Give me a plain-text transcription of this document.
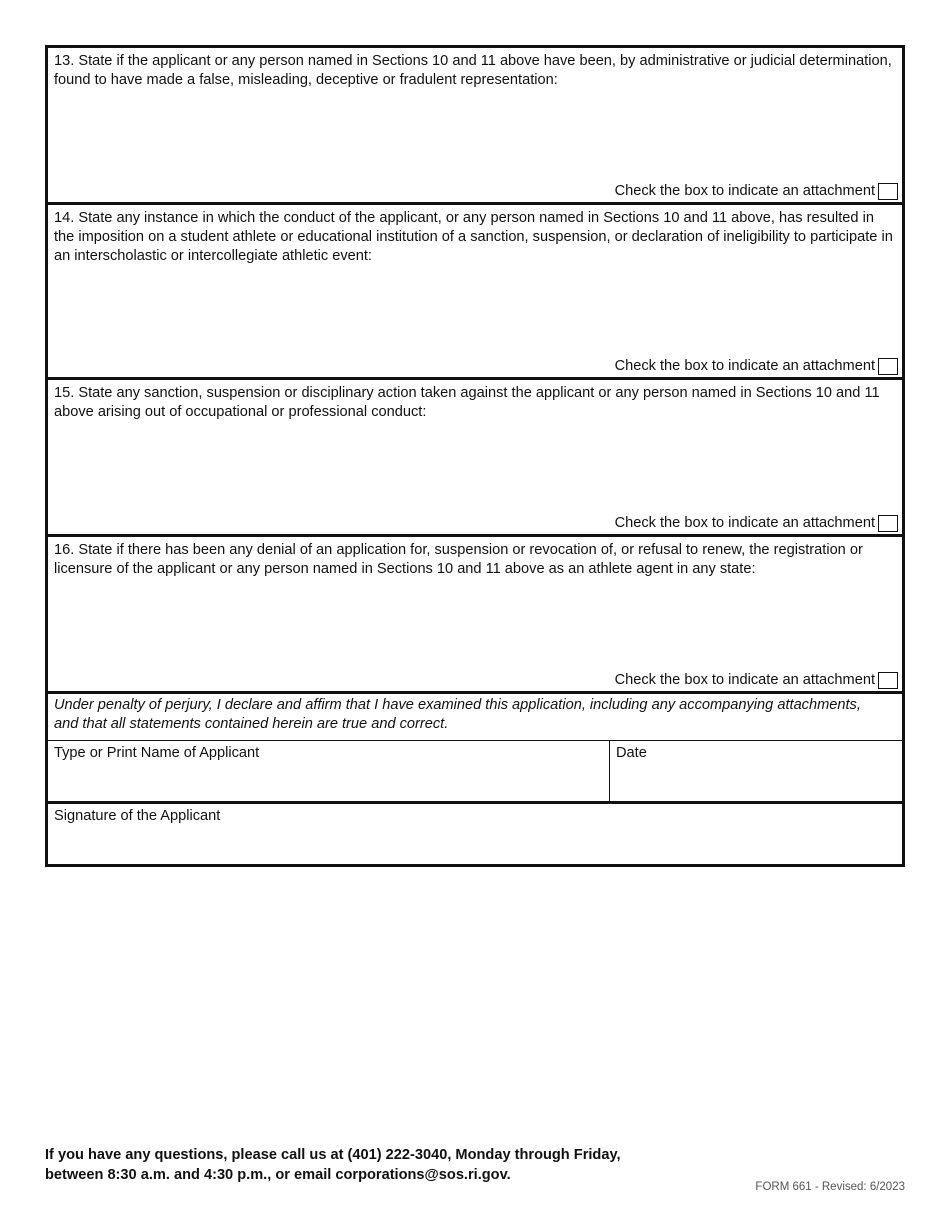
13. State if the applicant or any person named in Sections 10 and 11 above have been, by administrative or judicial determination, found to have made a false, misleading, deceptive or fradulent representation:
Check the box to indicate an attachment
14. State any instance in which the conduct of the applicant, or any person named in Sections 10 and 11 above, has resulted in the imposition on a student athlete or educational institution of a sanction, suspension, or declaration of ineligibility to participate in an interscholastic or intercollegiate athletic event:
Check the box to indicate an attachment
15. State any sanction, suspension or disciplinary action taken against the applicant or any person named in Sections 10 and 11 above arising out of occupational or professional conduct:
Check the box to indicate an attachment
16. State if there has been any denial of an application for, suspension or revocation of, or refusal to renew, the registration or licensure of the applicant or any person named in Sections 10 and 11 above as an athlete agent in any state:
Check the box to indicate an attachment
Under penalty of perjury, I declare and affirm that I have examined this application, including any accompanying attachments, and that all statements contained herein are true and correct.
Type or Print Name of Applicant	Date
Signature of the Applicant
If you have any questions, please call us at (401) 222-3040, Monday through Friday,
between 8:30 a.m. and 4:30 p.m., or email corporations@sos.ri.gov.
FORM 661 - Revised: 6/2023
